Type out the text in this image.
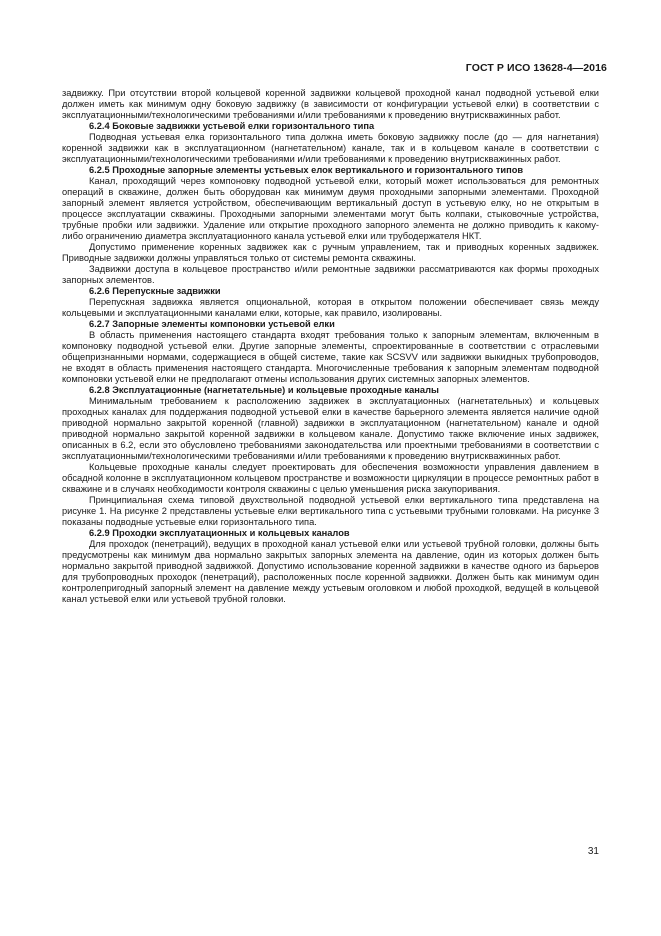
ГОСТ Р ИСО 13628-4—2016

задвижку. При отсутствии второй кольцевой коренной задвижки кольцевой проходной канал подводной устьевой елки должен иметь как минимум одну боковую задвижку (в зависимости от конфигурации устьевой елки) в соответствии с эксплуатационными/технологическими требованиями и/или требованиями к проведению внутрискважинных работ.

6.2.4 Боковые задвижки устьевой елки горизонтального типа

Подводная устьевая елка горизонтального типа должна иметь боковую задвижку после (до — для нагнетания) коренной задвижки как в эксплуатационном (нагнетательном) канале, так и в кольцевом канале в соответствии с эксплуатационными/технологическими требованиями и/или требованиями к проведению внутрискважинных работ.

6.2.5 Проходные запорные элементы устьевых елок вертикального и горизонтального типов

Канал, проходящий через компоновку подводной устьевой елки, который может использоваться для ремонтных операций в скважине, должен быть оборудован как минимум двумя проходными запорными элементами. Проходной запорный элемент является устройством, обеспечивающим вертикальный доступ в устьевую елку, но не открытым в процессе эксплуатации скважины. Проходными запорными элементами могут быть колпаки, стыковочные устройства, трубные пробки или задвижки. Удаление или открытие проходного запорного элемента не должно приводить к какому-либо ограничению диаметра эксплуатационного канала устьевой елки или трубодержателя НКТ.

Допустимо применение коренных задвижек как с ручным управлением, так и приводных коренных задвижек. Приводные задвижки должны управляться только от системы ремонта скважины.

Задвижки доступа в кольцевое пространство и/или ремонтные задвижки рассматриваются как формы проходных запорных элементов.

6.2.6 Перепускные задвижки

Перепускная задвижка является опциональной, которая в открытом положении обеспечивает связь между кольцевыми и эксплуатационными каналами елки, которые, как правило, изолированы.

6.2.7 Запорные элементы компоновки устьевой елки

В область применения настоящего стандарта входят требования только к запорным элементам, включенным в компоновку подводной устьевой елки. Другие запорные элементы, спроектированные в соответствии с отраслевыми общепризнанными нормами, содержащиеся в общей системе, такие как SCSVV или задвижки выкидных трубопроводов, не входят в область применения настоящего стандарта. Многочисленные требования к запорным элементам подводной компоновки устьевой елки не предполагают отмены использования других системных запорных элементов.

6.2.8 Эксплуатационные (нагнетательные) и кольцевые проходные каналы

Минимальным требованием к расположению задвижек в эксплуатационных (нагнетательных) и кольцевых проходных каналах для поддержания подводной устьевой елки в качестве барьерного элемента является наличие одной приводной нормально закрытой коренной (главной) задвижки в эксплуатационном (нагнетательном) канале и одной приводной нормально закрытой коренной задвижки в кольцевом канале. Допустимо также включение иных задвижек, описанных в 6.2, если это обусловлено требованиями законодательства или проектными требованиями в соответствии с эксплуатационными/технологическими требованиями и/или требованиями к проведению внутрискважинных работ.

Кольцевые проходные каналы следует проектировать для обеспечения возможности управления давлением в обсадной колонне в эксплуатационном кольцевом пространстве и возможности циркуляции в процессе ремонтных работ в скважине и в случаях необходимости контроля скважины с целью уменьшения риска закупоривания.

Принципиальная схема типовой двухствольной подводной устьевой елки вертикального типа представлена на рисунке 1. На рисунке 2 представлены устьевые елки вертикального типа с устьевыми трубными головками. На рисунке 3 показаны подводные устьевые елки горизонтального типа.

6.2.9 Проходки эксплуатационных и кольцевых каналов

Для проходок (пенетраций), ведущих в проходной канал устьевой елки или устьевой трубной головки, должны быть предусмотрены как минимум два нормально закрытых запорных элемента на давление, один из которых должен быть нормально закрытой приводной задвижкой. Допустимо использование коренной задвижки в качестве одного из барьеров для трубопроводных проходок (пенетраций), расположенных после коренной задвижки. Должен быть как минимум один контролепригодный запорный элемент на давление между устьевым оголовком и любой проходкой, ведущей в кольцевой канал устьевой елки или устьевой трубной головки.

31
